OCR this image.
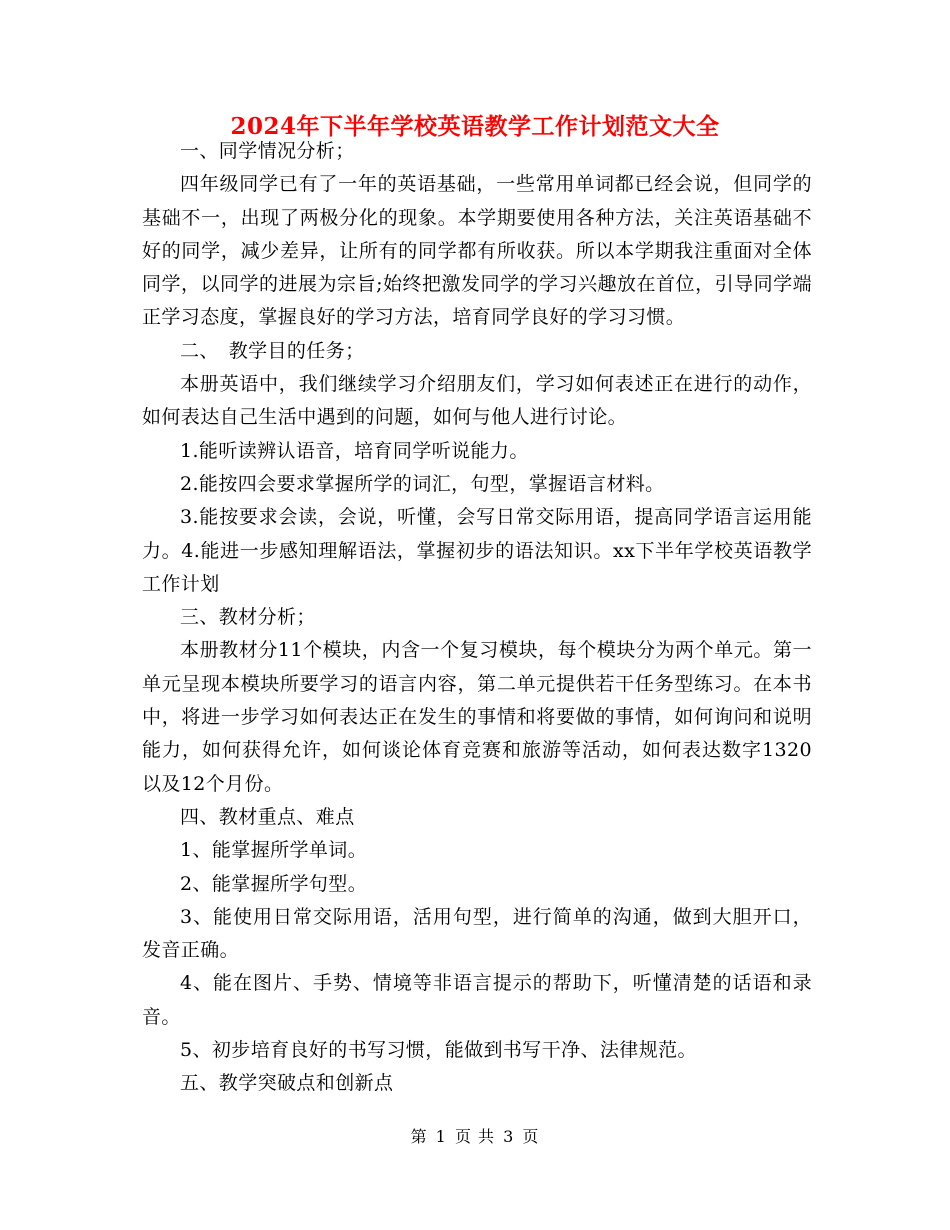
2024年下半年学校英语教学工作计划范文大全

一、同学情况分析；

四年级同学已有了一年的英语基础，一些常用单词都已经会说，但同学的基础不一，出现了两极分化的现象。本学期要使用各种方法，关注英语基础不好的同学，减少差异，让所有的同学都有所收获。所以本学期我注重面对全体同学，以同学的进展为宗旨;始终把激发同学的学习兴趣放在首位，引导同学端正学习态度，掌握良好的学习方法，培育同学良好的学习习惯。

二、　教学目的任务；

本册英语中，我们继续学习介绍朋友们，学习如何表述正在进行的动作，如何表达自己生活中遇到的问题，如何与他人进行讨论。

1.能听读辨认语音，培育同学听说能力。

2.能按四会要求掌握所学的词汇，句型，掌握语言材料。

3.能按要求会读，会说，听懂，会写日常交际用语，提高同学语言运用能力。4.能进一步感知理解语法，掌握初步的语法知识。xx下半年学校英语教学工作计划

三、教材分析；

本册教材分11个模块，内含一个复习模块，每个模块分为两个单元。第一单元呈现本模块所要学习的语言内容，第二单元提供若干任务型练习。在本书中，将进一步学习如何表达正在发生的事情和将要做的事情，如何询问和说明能力，如何获得允许，如何谈论体育竞赛和旅游等活动，如何表达数字1320以及12个月份。

四、教材重点、难点

1、能掌握所学单词。

2、能掌握所学句型。

3、能使用日常交际用语，活用句型，进行简单的沟通，做到大胆开口，发音正确。

4、能在图片、手势、情境等非语言提示的帮助下，听懂清楚的话语和录音。

5、初步培育良好的书写习惯，能做到书写干净、法律规范。

五、教学突破点和创新点

第 1 页 共 3 页
